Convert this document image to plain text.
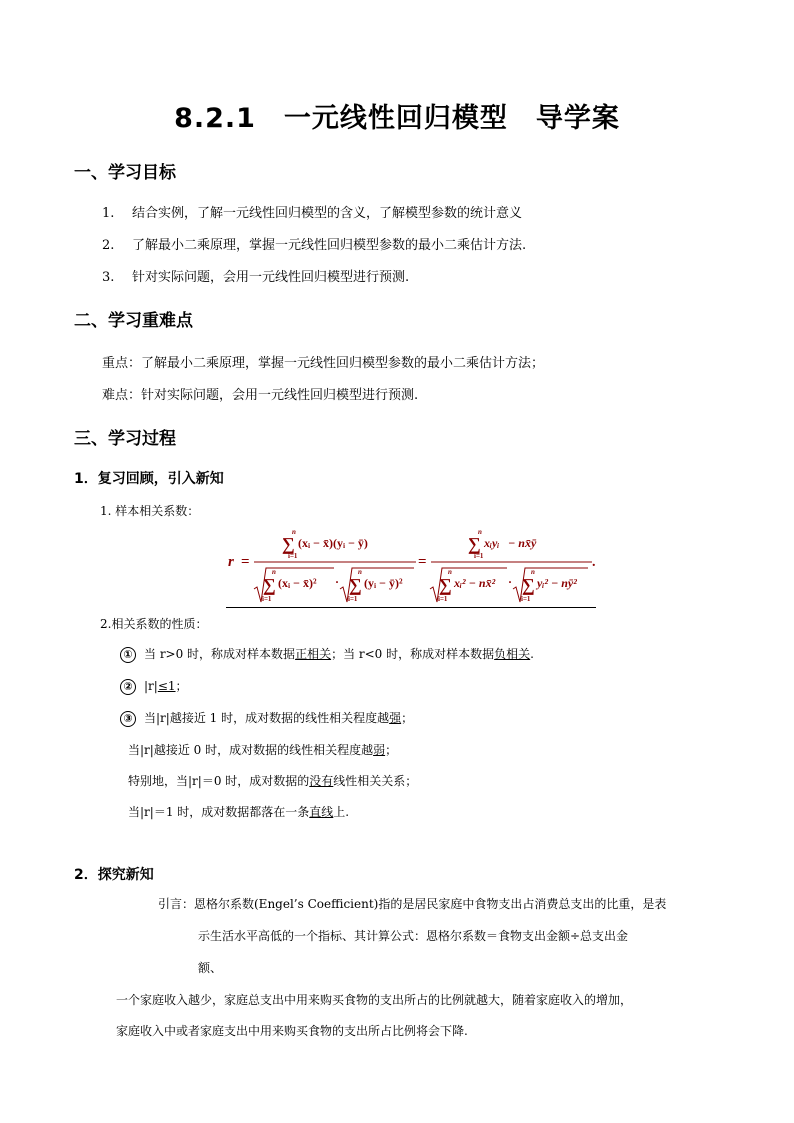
8.2.1　一元线性回归模型　导学案
一、学习目标
1. 结合实例，了解一元线性回归模型的含义，了解模型参数的统计意义
2. 了解最小二乘原理，掌握一元线性回归模型参数的最小二乘估计方法.
3. 针对实际问题，会用一元线性回归模型进行预测.
二、学习重难点
重点：了解最小二乘原理，掌握一元线性回归模型参数的最小二乘估计方法；
难点：针对实际问题，会用一元线性回归模型进行预测.
三、学习过程
1．复习回顾，引入新知
1. 样本相关系数：
r =
n
∑
i=1
(xᵢ − x̄)(yᵢ − ȳ)
n
∑
i=1
(xᵢ − x̄)² ·
n
∑
i=1
(yᵢ − ȳ)²
=
n
∑
i=1
xᵢyᵢ − nx̄ȳ
n
∑
i=1
xᵢ² − nx̄² ·
n
∑
i=1
yᵢ² − nȳ²
.
2.相关系数的性质：
① 当 r>0 时，称成对样本数据正相关；当 r<0 时，称成对样本数据负相关.
② |r|≤1；
③ 当|r|越接近 1 时，成对数据的线性相关程度越强；
当|r|越接近 0 时，成对数据的线性相关程度越弱；
特别地，当|r|＝0 时，成对数据的没有线性相关关系；
当|r|＝1 时，成对数据都落在一条直线上.
2．探究新知
引言：恩格尔系数(Engel’s Coefficient)指的是居民家庭中食物支出占消费总支出的比重，是表
示生活水平高低的一个指标、其计算公式：恩格尔系数＝食物支出金额÷总支出金
额、
一个家庭收入越少，家庭总支出中用来购买食物的支出所占的比例就越大，随着家庭收入的增加，
家庭收入中或者家庭支出中用来购买食物的支出所占比例将会下降.
